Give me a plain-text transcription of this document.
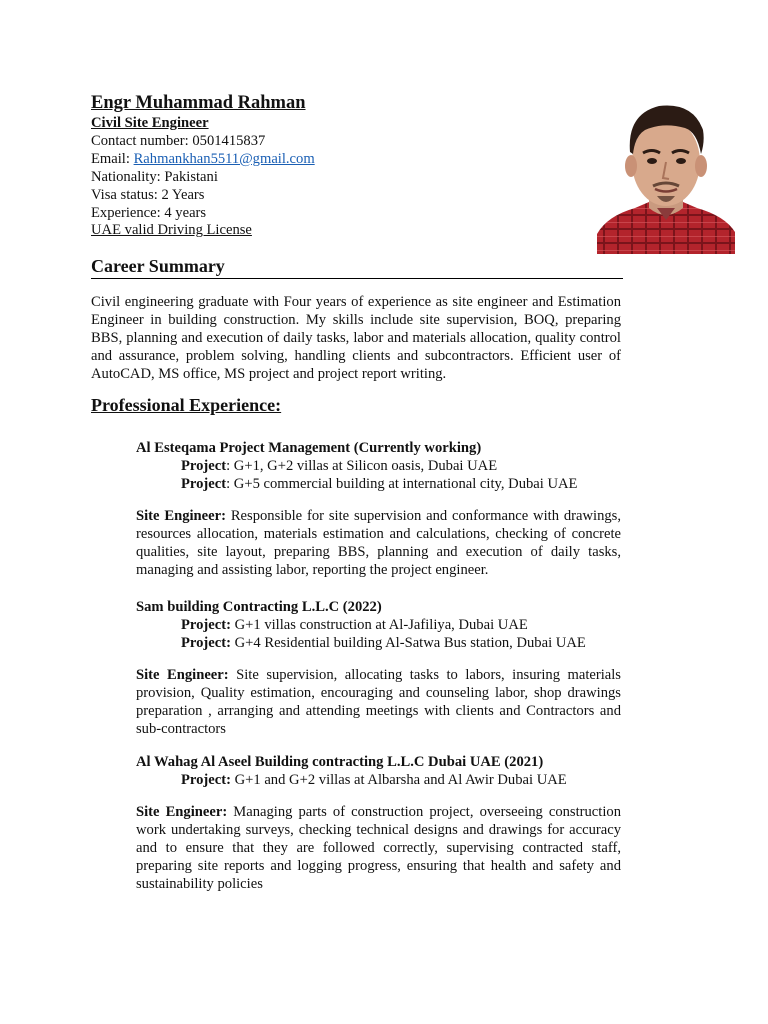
Engr Muhammad Rahman
Civil Site Engineer
Contact number: 0501415837
Email: Rahmankhan5511@gmail.com
Nationality: Pakistani
Visa status: 2 Years
Experience: 4 years
UAE valid Driving License
Career Summary
Civil engineering graduate with Four years of experience as site engineer and Estimation Engineer in building construction. My skills include site supervision, BOQ, preparing BBS, planning and execution of daily tasks, labor and materials allocation, quality control and assurance, problem solving, handling clients and subcontractors. Efficient user of AutoCAD, MS office, MS project and project report writing.
Professional Experience:
Al Esteqama Project Management (Currently working)
Project: G+1, G+2 villas at Silicon oasis, Dubai UAE
Project: G+5 commercial building at international city, Dubai UAE
Site Engineer: Responsible for site supervision and conformance with drawings, resources allocation, materials estimation and calculations, checking of concrete qualities, site layout, preparing BBS, planning and execution of daily tasks, managing and assisting labor, reporting the project engineer.
Sam building Contracting L.L.C (2022)
Project: G+1 villas construction at Al-Jafiliya, Dubai UAE
Project: G+4 Residential building Al-Satwa Bus station, Dubai UAE
Site Engineer: Site supervision, allocating tasks to labors, insuring materials provision, Quality estimation, encouraging and counseling labor, shop drawings preparation , arranging and attending meetings with clients and Contractors and sub-contractors
Al Wahag Al Aseel Building contracting L.L.C Dubai UAE (2021)
Project: G+1 and G+2 villas at Albarsha and Al Awir Dubai UAE
Site Engineer: Managing parts of construction project, overseeing construction work undertaking surveys, checking technical designs and drawings for accuracy and to ensure that they are followed correctly, supervising contracted staff, preparing site reports and logging progress, ensuring that health and safety and sustainability policies
